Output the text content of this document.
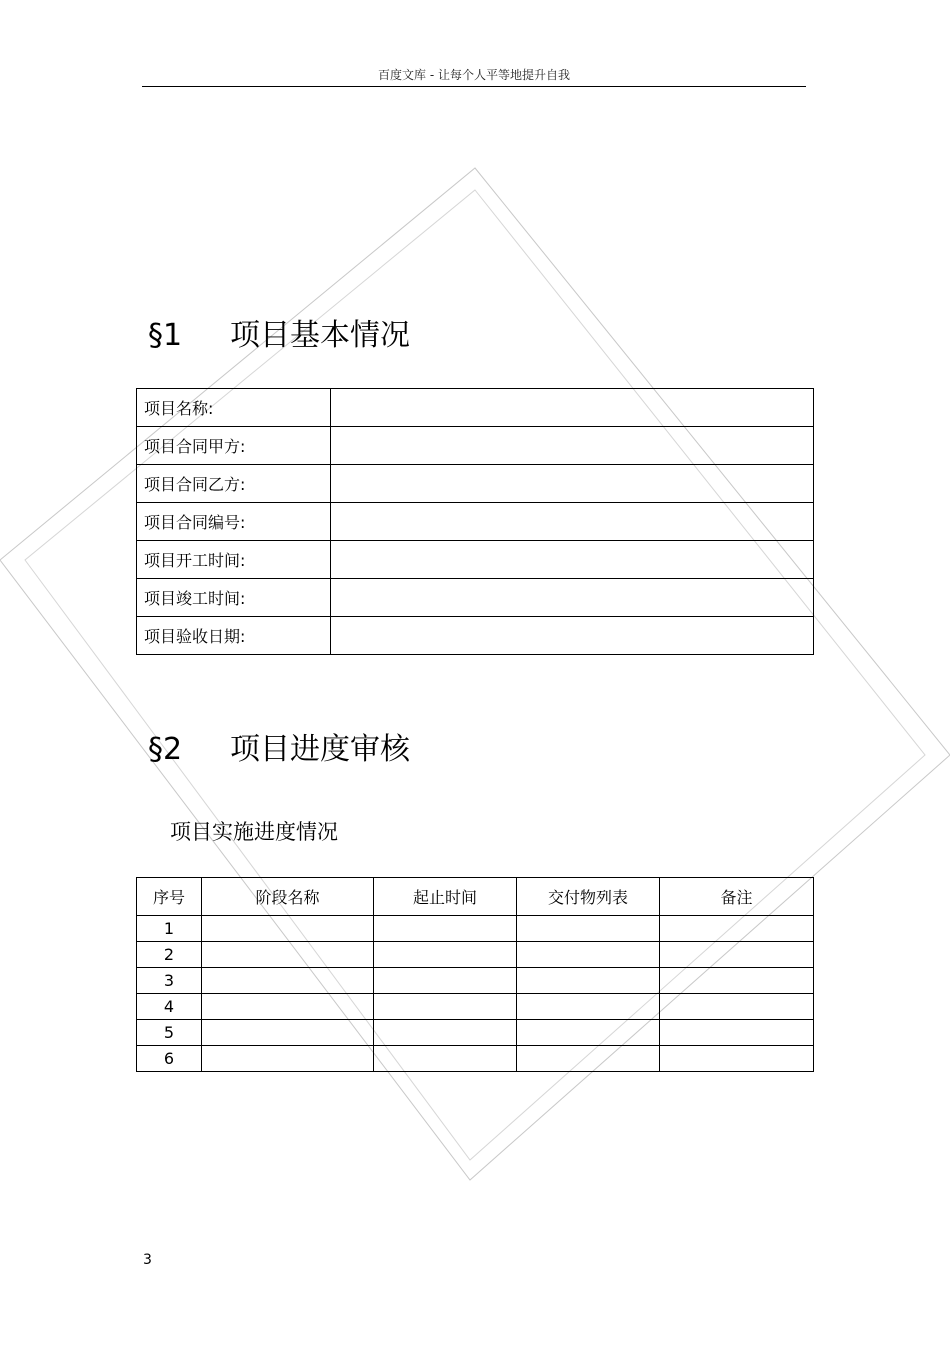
百度文库 - 让每个人平等地提升自我
§1 项目基本情况
项目名称:	
项目合同甲方:	
项目合同乙方:	
项目合同编号:	
项目开工时间:	
项目竣工时间:	
项目验收日期:	
§2 项目进度审核
项目实施进度情况
序号	阶段名称	起止时间	交付物列表	备注
1				
2				
3				
4				
5				
6				
3
